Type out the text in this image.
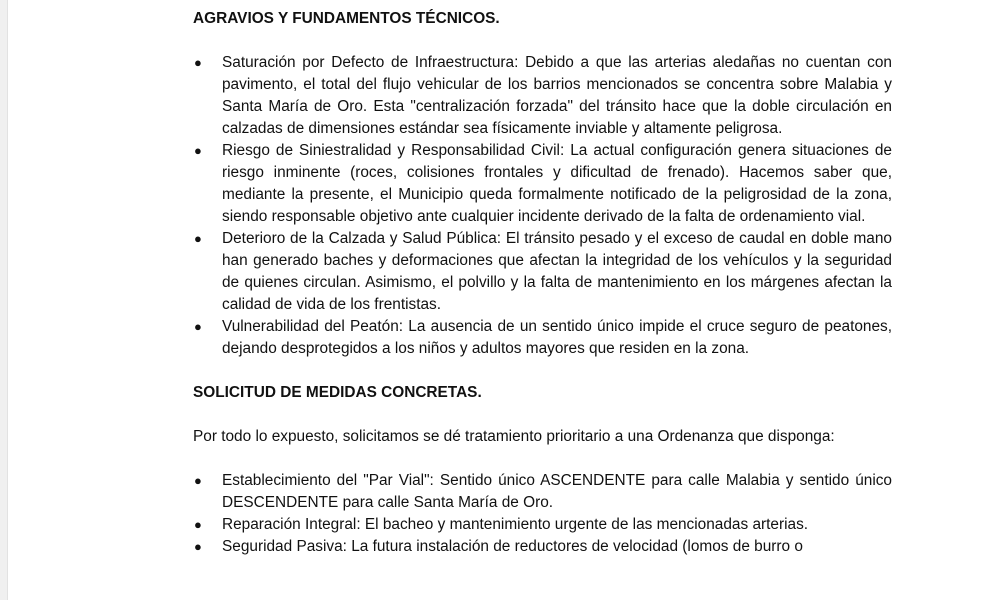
AGRAVIOS Y FUNDAMENTOS TÉCNICOS.

● Saturación por Defecto de Infraestructura: Debido a que las arterias aledañas no cuentan con pavimento, el total del flujo vehicular de los barrios mencionados se concentra sobre Malabia y Santa María de Oro. Esta "centralización forzada" del tránsito hace que la doble circulación en calzadas de dimensiones estándar sea físicamente inviable y altamente peligrosa.
● Riesgo de Siniestralidad y Responsabilidad Civil: La actual configuración genera situaciones de riesgo inminente (roces, colisiones frontales y dificultad de frenado). Hacemos saber que, mediante la presente, el Municipio queda formalmente notificado de la peligrosidad de la zona, siendo responsable objetivo ante cualquier incidente derivado de la falta de ordenamiento vial.
● Deterioro de la Calzada y Salud Pública: El tránsito pesado y el exceso de caudal en doble mano han generado baches y deformaciones que afectan la integridad de los vehículos y la seguridad de quienes circulan. Asimismo, el polvillo y la falta de mantenimiento en los márgenes afectan la calidad de vida de los frentistas.
● Vulnerabilidad del Peatón: La ausencia de un sentido único impide el cruce seguro de peatones, dejando desprotegidos a los niños y adultos mayores que residen en la zona.

SOLICITUD DE MEDIDAS CONCRETAS.

Por todo lo expuesto, solicitamos se dé tratamiento prioritario a una Ordenanza que disponga:

● Establecimiento del "Par Vial": Sentido único ASCENDENTE para calle Malabia y sentido único DESCENDENTE para calle Santa María de Oro.
● Reparación Integral: El bacheo y mantenimiento urgente de las mencionadas arterias.
● Seguridad Pasiva: La futura instalación de reductores de velocidad (lomos de burro o
